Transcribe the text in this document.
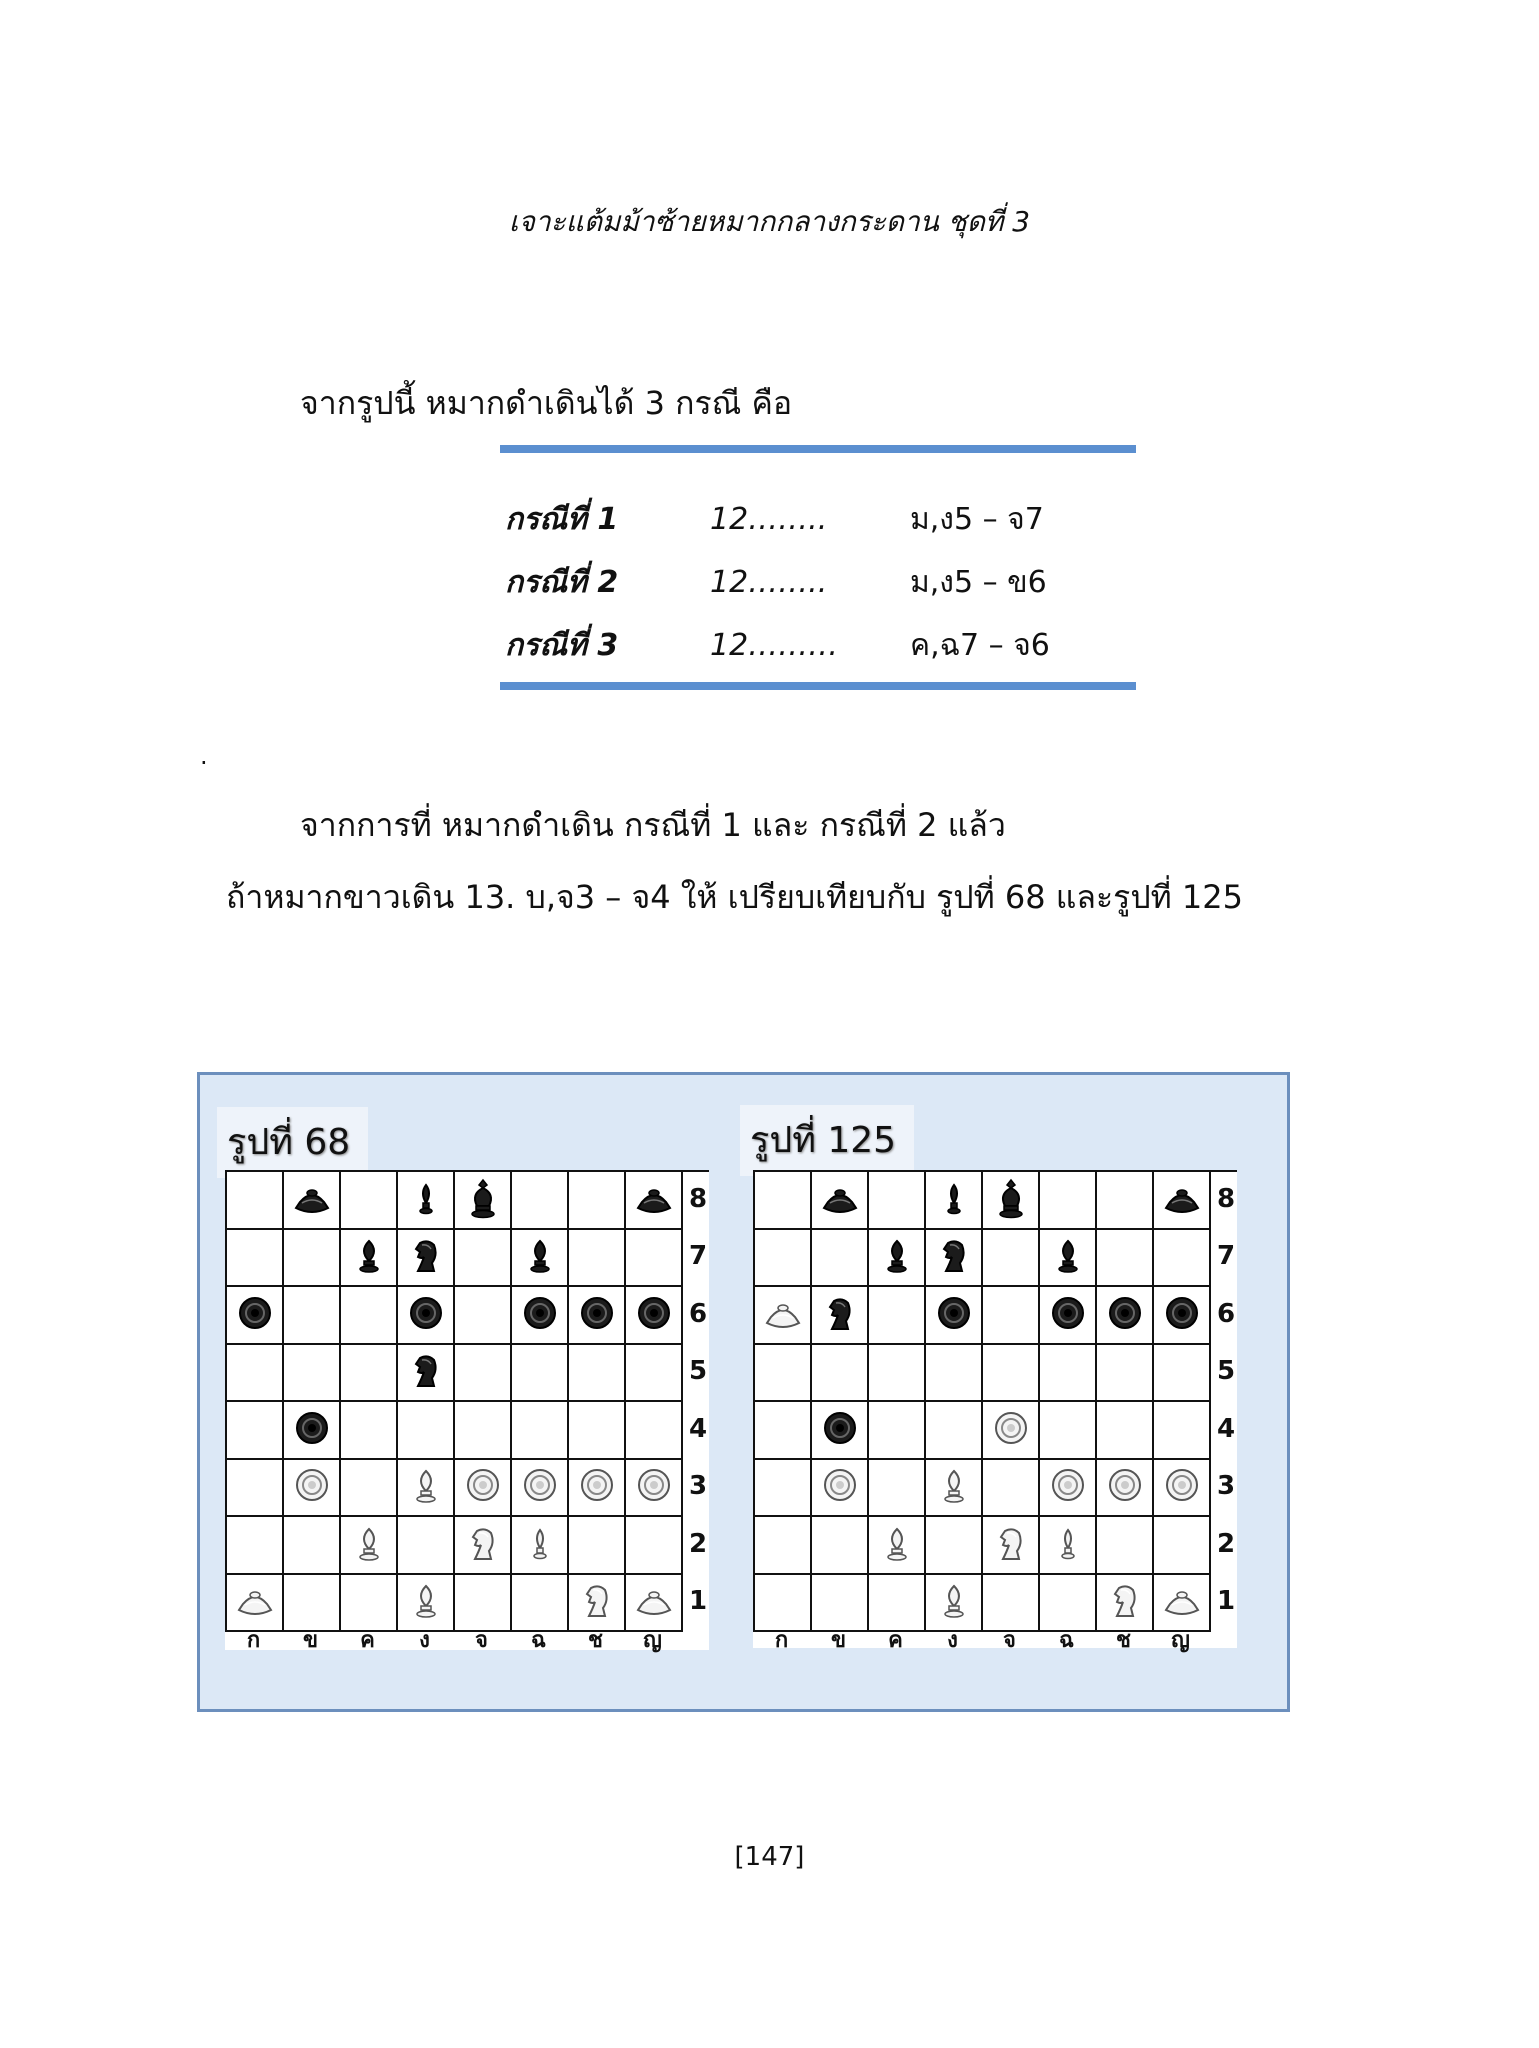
เจาะแต้มม้าซ้ายหมากกลางกระดาน ชุดที่ 3
จากรูปนี้ หมากดำเดินได้ 3 กรณี คือ
กรณีที่ 1	12……..	ม,ง5 – จ7
กรณีที่ 2	12……..	ม,ง5 – ข6
กรณีที่ 3	12………	ค,ฉ7 – จ6
.
จากการที่ หมากดำเดิน กรณีที่ 1 และ กรณีที่ 2 แล้ว
ถ้าหมากขาวเดิน 13. บ,จ3 – จ4 ให้ เปรียบเทียบกับ รูปที่ 68 และรูปที่ 125
รูปที่ 68
8
7
6
5
4
3
2
1
ก	ข	ค	ง	จ	ฉ	ช	ญ
รูปที่ 125
8
7
6
5
4
3
2
1
ก	ข	ค	ง	จ	ฉ	ช	ญ
[147]
